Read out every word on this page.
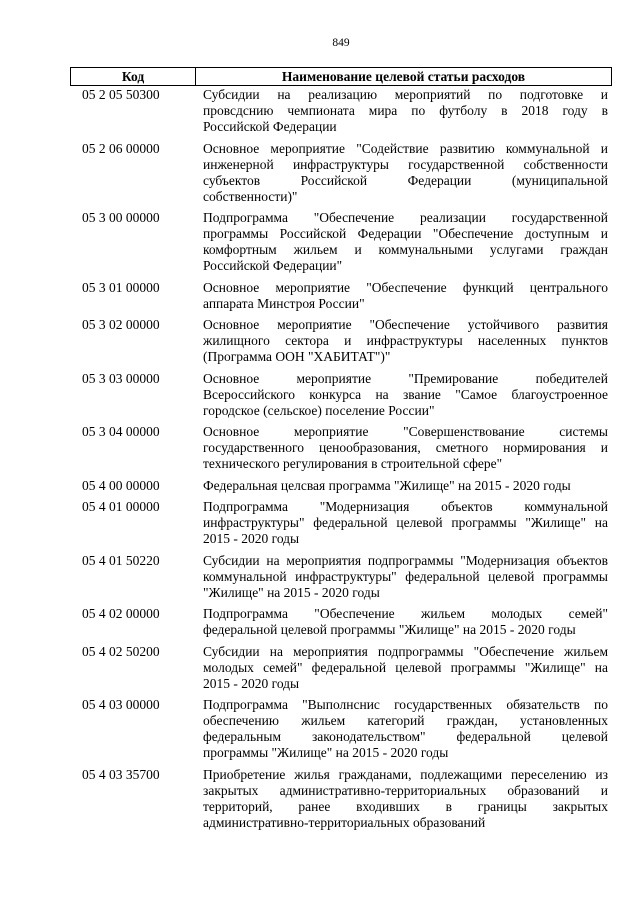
849
Код	Наименование целевой статьи расходов
05 2 05 50300	Субсидии на реализацию мероприятий по подготовке и
провсдснию чемпионата мира по футболу в 2018 году в
Российской Федерации
05 2 06 00000	Основное мероприятие "Содействие развитию коммунальной и
инженерной инфраструктуры государственной собственности
субъектов Российской Федерации (муниципальной
собственности)"
05 3 00 00000	Подпрограмма "Обеспечение реализации государственной
программы Российской Федерации "Обеспечение доступным и
комфортным жильем и коммунальными услугами граждан
Российской Федерации"
05 3 01 00000	Основное мероприятие "Обеспечение функций центрального
аппарата Минстроя России"
05 3 02 00000	Основное мероприятие "Обеспечение устойчивого развития
жилищного сектора и инфраструктуры населенных пунктов
(Программа ООН "ХАБИТАТ")"
05 3 03 00000	Основное мероприятие "Премирование победителей
Всероссийского конкурса на звание "Самое благоустроенное
городское (сельское) поселение России"
05 3 04 00000	Основное мероприятие "Совершенствование системы
государственного ценообразования, сметного нормирования и
технического регулирования в строительной сфере"
05 4 00 00000	Федеральная целсвая программа "Жилище" на 2015 - 2020 годы
05 4 01 00000	Подпрограмма "Модернизация объектов коммунальной
инфраструктуры" федеральной целевой программы "Жилище" на
2015 - 2020 годы
05 4 01 50220	Субсидии на мероприятия подпрограммы "Модернизация объектов
коммунальной инфраструктуры" федеральной целевой программы
"Жилище" на 2015 - 2020 годы
05 4 02 00000	Подпрограмма "Обеспечение жильем молодых семей"
федеральной целевой программы "Жилище" на 2015 - 2020 годы
05 4 02 50200	Субсидии на мероприятия подпрограммы "Обеспечение жильем
молодых семей" федеральной целевой программы "Жилище" на
2015 - 2020 годы
05 4 03 00000	Подпрограмма "Выполнснис государственных обязательств по
обеспечению жильем категорий граждан, установленных
федеральным законодательством" федеральной целевой
программы "Жилище" на 2015 - 2020 годы
05 4 03 35700	Приобретение жилья гражданами, подлежащими переселению из
закрытых административно-территориальных образований и
территорий, ранее входивших в границы закрытых
административно-территориальных образований
